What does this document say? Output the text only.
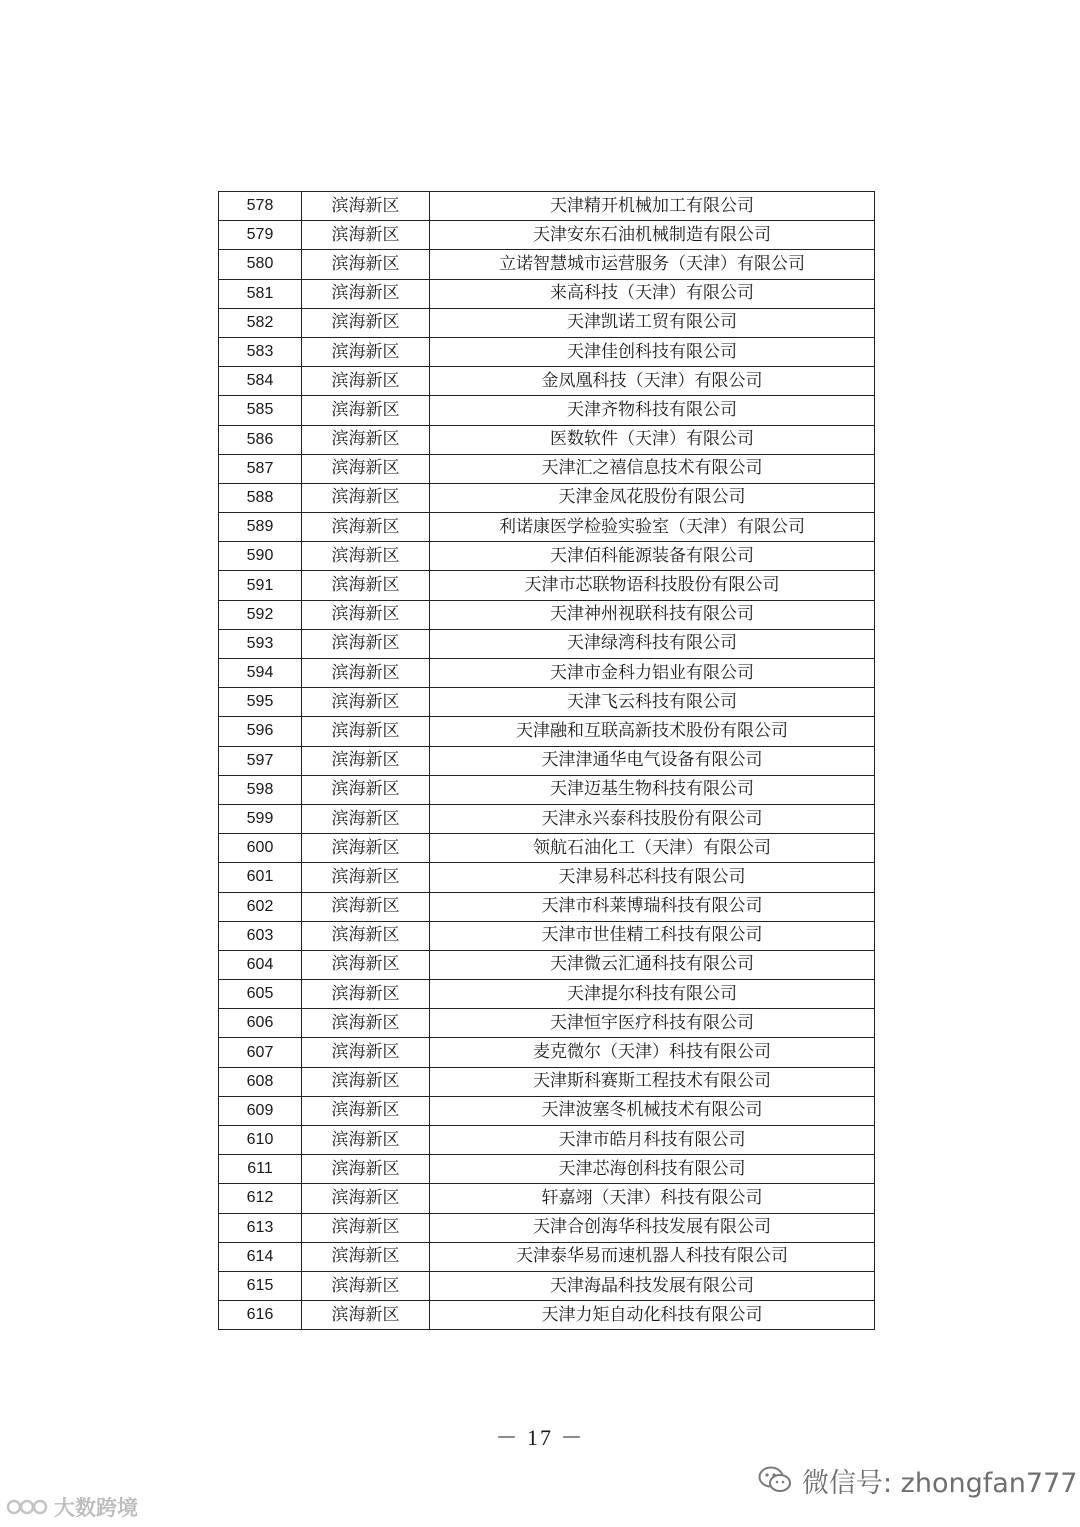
578	滨海新区	天津精开机械加工有限公司
579	滨海新区	天津安东石油机械制造有限公司
580	滨海新区	立诺智慧城市运营服务（天津）有限公司
581	滨海新区	来高科技（天津）有限公司
582	滨海新区	天津凯诺工贸有限公司
583	滨海新区	天津佳创科技有限公司
584	滨海新区	金凤凰科技（天津）有限公司
585	滨海新区	天津齐物科技有限公司
586	滨海新区	医数软件（天津）有限公司
587	滨海新区	天津汇之禧信息技术有限公司
588	滨海新区	天津金凤花股份有限公司
589	滨海新区	利诺康医学检验实验室（天津）有限公司
590	滨海新区	天津佰科能源装备有限公司
591	滨海新区	天津市芯联物语科技股份有限公司
592	滨海新区	天津神州视联科技有限公司
593	滨海新区	天津绿湾科技有限公司
594	滨海新区	天津市金科力铝业有限公司
595	滨海新区	天津飞云科技有限公司
596	滨海新区	天津融和互联高新技术股份有限公司
597	滨海新区	天津津通华电气设备有限公司
598	滨海新区	天津迈基生物科技有限公司
599	滨海新区	天津永兴泰科技股份有限公司
600	滨海新区	领航石油化工（天津）有限公司
601	滨海新区	天津易科芯科技有限公司
602	滨海新区	天津市科莱博瑞科技有限公司
603	滨海新区	天津市世佳精工科技有限公司
604	滨海新区	天津微云汇通科技有限公司
605	滨海新区	天津提尔科技有限公司
606	滨海新区	天津恒宇医疗科技有限公司
607	滨海新区	麦克微尔（天津）科技有限公司
608	滨海新区	天津斯科赛斯工程技术有限公司
609	滨海新区	天津波塞冬机械技术有限公司
610	滨海新区	天津市皓月科技有限公司
611	滨海新区	天津芯海创科技有限公司
612	滨海新区	轩嘉翊（天津）科技有限公司
613	滨海新区	天津合创海华科技发展有限公司
614	滨海新区	天津泰华易而速机器人科技有限公司
615	滨海新区	天津海晶科技发展有限公司
616	滨海新区	天津力矩自动化科技有限公司
－ 17 －
微信号: zhongfan777
大数跨境
